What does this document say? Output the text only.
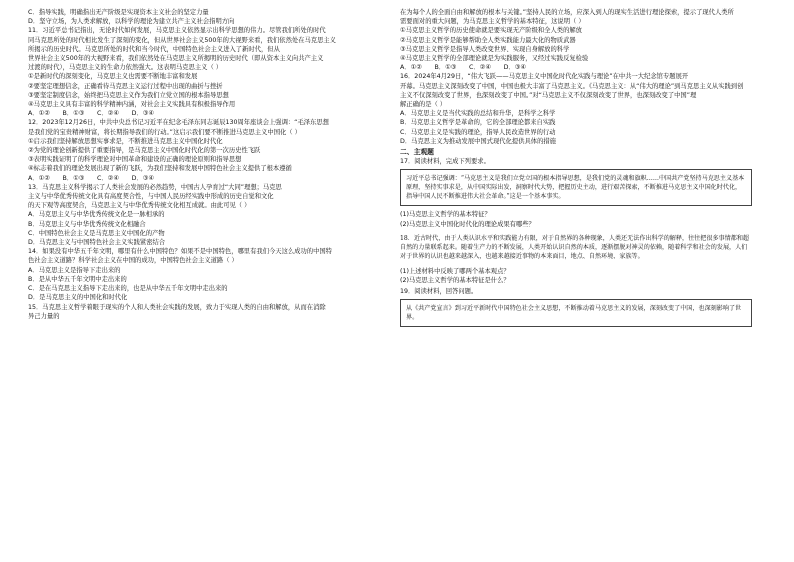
C．指导实践，明确指出无产阶级是实现资本主义社会的坚定力量
D．坚守立场，为人类求解放，以科学的理论为建立共产主义社会指明方向
11．习近平总书记指出，无论时代如何发展，马克思主义依然显示出科学思想的伟力。尽管我们所处的时代
同马克思所处的时代相比发生了深刻的变化，但从世界社会主义500年的大视野来看，我们依然处在马克思主义
所揭示的历史时代。马克思所处的时代和当今时代，中国特色社会主义进入了新时代，但从
世界社会主义500年的大视野来看，我们依然处在马克思主义所揭明的历史时代（即从资本主义向共产主义
过渡的时代），马克思主义的生命力依然强大。这表明马克思主义（ ）
①是新时代的深刻变化，马克思主义也需要不断地丰富和发展
②要坚定理想信念，正确看待马克思主义运行过程中出现的曲折与挫折
③要坚定制度信念，始终把马克思主义作为我们立党立国的根本指导思想
④马克思主义具有丰富的科学精神内涵，对社会主义实践具有积极指导作用
A．①②　　B．①③　　C．②④　　D．③④
12．2023年12月26日，中共中央总书记习近平在纪念毛泽东同志诞辰130周年座谈会上强调：“毛泽东思想
是我们党的宝贵精神财富，将长期指导我们的行动。”这启示我们要不断推进马克思主义中国化（ ）
①启示我们坚持解放思想实事求是，不断推进马克思主义中国化时代化
②为党的理论创新提供了重要指导，是马克思主义中国化时代化的第一次历史性飞跃
③表明实践证明了的科学理论对中国革命和建设的正确的理论原则和指导思想
④标志着我们的理论发展出现了新的飞跃，为我们坚持和发展中国特色社会主义提供了根本遵循
A．①②　　B．①③　　C．②④　　D．③④
13．马克思主义科学揭示了人类社会发展的必然趋势，中国古人孕育过“大同”理想；马克思
主义与中华优秀传统文化具有高度契合性，与中国人民历经实践中形成的历史自觉和文化
的天下观等高度契合，马克思主义与中华优秀传统文化相互成就。由此可见（ ）
A．马克思主义与中华优秀传统文化是一脉相承的
B．马克思主义与中华优秀传统文化相融合
C．中国特色社会主义是马克思主义中国化的产物
D．马克思主义与中国特色社会主义实践紧密结合
14．如果没有中华五千年文明，哪里有什么中国特色？如果不是中国特色，哪里有我们今天这么成功的中国特
色社会主义道路？科学社会主义在中国的成功，中国特色社会主义道路（ ）
A．马克思主义是指导下走出来的
B．是从中华五千年文明中走出来的
C．是在马克思主义指导下走出来的，也是从中华五千年文明中走出来的
D．是马克思主义的中国化和时代化
15．马克思主义哲学着眼于现实的个人和人类社会实践的发展，致力于实现人类的自由和解放，从而在消除
异己力量的
在为每个人的全面自由和解放的根本与关键。”坚持人民的立场，应深入到人的现实生活进行理论探索，提示了现代人类所
需要面对的重大问题，为马克思主义哲学的基本特征，这说明（ ）
①马克思主义哲学的历史使命就是要实现无产阶级和全人类的解放
②马克思主义哲学是能够帮助全人类实践能力最大化的物质武器
③马克思主义哲学是指导人类改变世界、实现自身解放的科学
④马克思主义哲学的全部理论就是为实践服务，又经过实践反复检验
A．①②　　B．①③　　C．②④　　D．③④
16．2024年4月29日，“伟大飞跃——马克思主义中国化时代化实践与理论”在中共一大纪念馆专题展开
开幕。马克思主义深刻改变了中国，中国也极大丰富了马克思主义。《马克思主义：从“伟大的理论”到马克思主义从实践到创
主义不仅深刻改变了世界，也深刻改变了中国。”对“马克思主义不仅深刻改变了世界，也深刻改变了中国”理
解正确的是（ ）
A．马克思主义是当代实践的总结和升华，是科学之科学
B．马克思主义哲学是革命的，它的全部理论都来自实践
C．马克思主义是实践的理论，指导人民改造世界的行动
D．马克思主义为推动发展中国式现代化提供具体的措施
二、主观题
17．阅读材料，完成下列要求。
习近平总书记强调：“马克思主义是我们立党立国的根本指导思想，是我们党的灵魂和旗帜……中国共产党坚持马克思主义基本原理，坚持实事求是，从中国实际出发，洞察时代大势，把握历史主动，进行艰苦探索，不断推进马克思主义中国化时代化，指导中国人民不断推进伟大社会革命。”这是一个基本事实。
(1)马克思主义哲学的基本特征？
(2)马克思主义中国化时代化的理论成果有哪些？
18．近古时代，由于人类认识水平和实践能力有限，对于自然界的各种现象，人类还无法作出科学的解释，往往把很多事情都和超自然的力量联系起来。随着生产力的不断发展，人类开始认识自然的本质，逐渐摆脱对神灵的依赖，随着科学和社会的发展，人们对于世界的认识也越来越深入，也越来越接近事物的本来面目，地点、自然环境、家族等。
(1)上述材料中反映了哪两个基本观点？
(2)马克思主义哲学的基本特征是什么？
19．阅读材料，回答问题。
从《共产党宣言》到习近平新时代中国特色社会主义思想，不断推动着马克思主义的发展，深刻改变了中国，也深刻影响了世界。
